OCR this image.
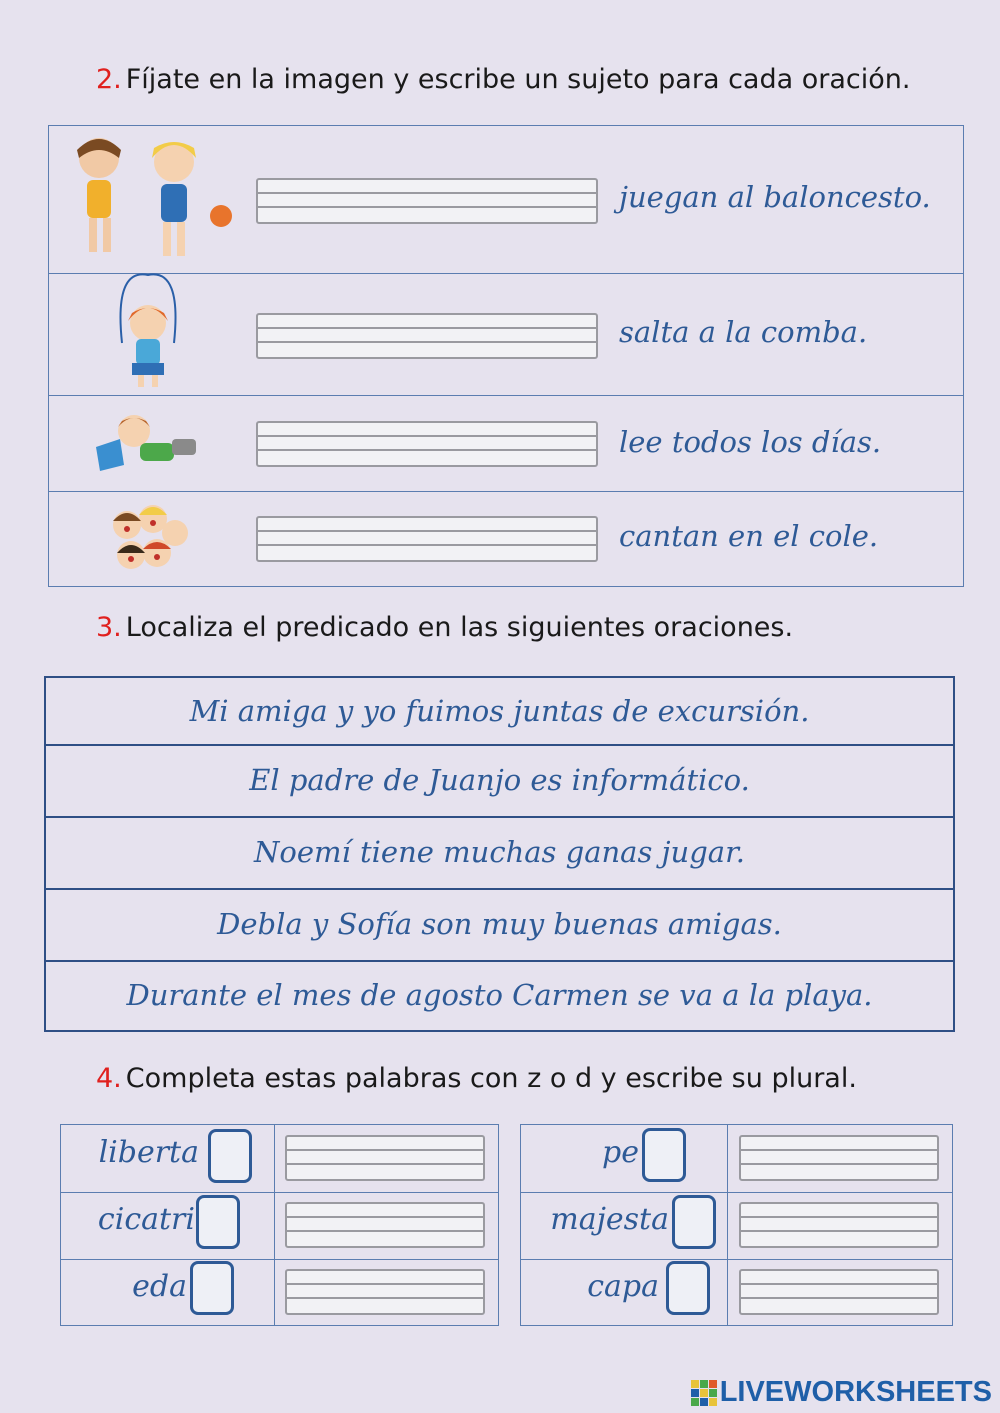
2. Fíjate en la imagen y escribe un sujeto para cada oración.
juegan al baloncesto.
salta a la comba.
lee todos los días.
cantan en el cole.
3. Localiza el predicado en las siguientes oraciones.
Mi amiga y yo fuimos juntas de excursión.
El padre de Juanjo es informático.
Noemí tiene muchas ganas jugar.
Debla y Sofía son muy buenas amigas.
Durante el mes de agosto Carmen se va a la playa.
4. Completa estas palabras con z o d y escribe su plural.
liberta
cicatri
eda
pe
majesta
capa
LIVEWORKSHEETS
